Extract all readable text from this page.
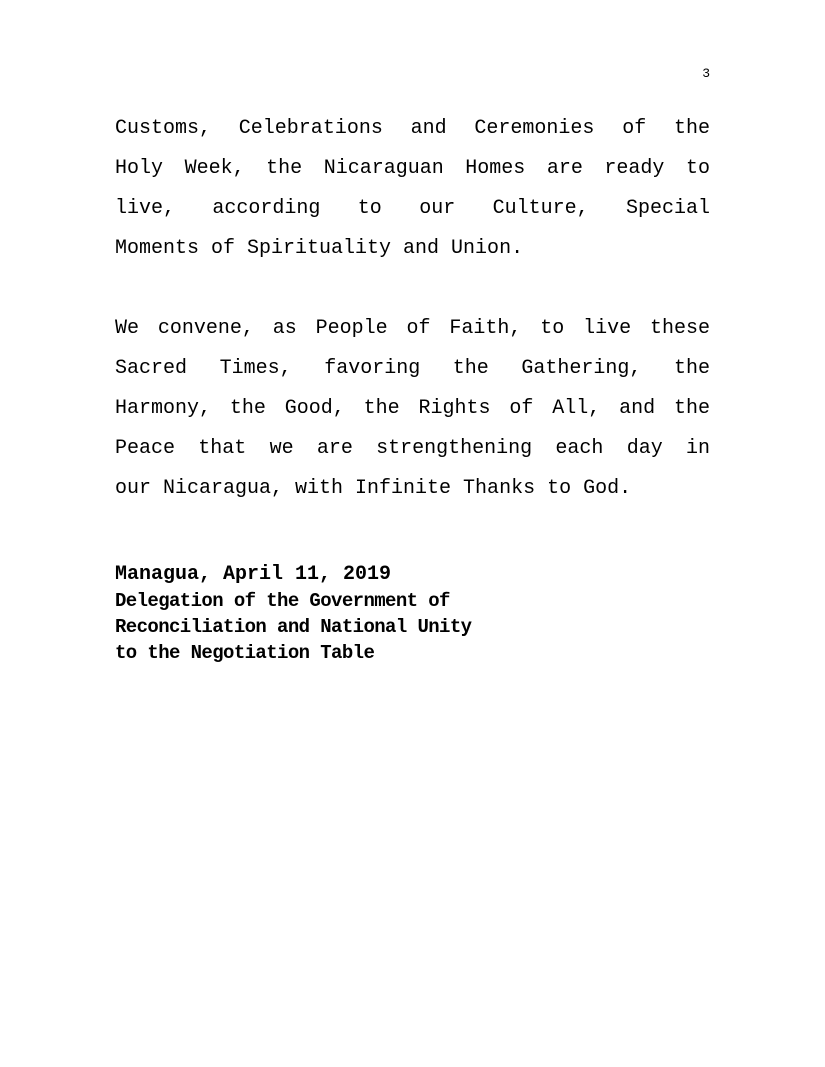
3
Customs, Celebrations and Ceremonies of the
Holy Week, the Nicaraguan Homes are ready to
live, according to our Culture, Special
Moments of Spirituality and Union.
We convene, as People of Faith, to live these
Sacred Times, favoring the Gathering, the
Harmony, the Good, the Rights of All, and the
Peace that we are strengthening each day in
our Nicaragua, with Infinite Thanks to God.
Managua, April 11, 2019
Delegation of the Government of
Reconciliation and National Unity
to the Negotiation Table
